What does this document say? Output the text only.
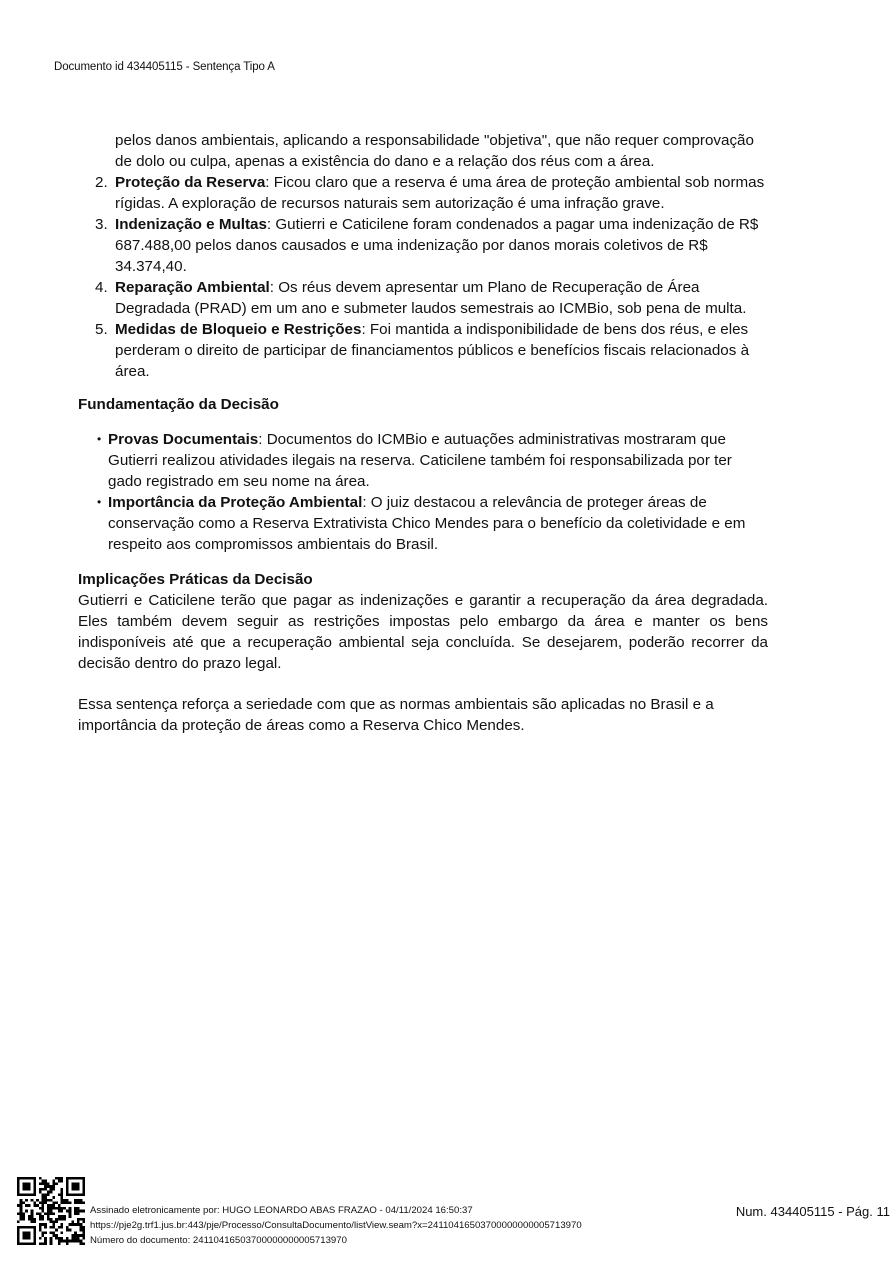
Documento id 434405115 - Sentença Tipo A
pelos danos ambientais, aplicando a responsabilidade "objetiva", que não requer comprovação de dolo ou culpa, apenas a existência do dano e a relação dos réus com a área.
2. Proteção da Reserva: Ficou claro que a reserva é uma área de proteção ambiental sob normas rígidas. A exploração de recursos naturais sem autorização é uma infração grave.
3. Indenização e Multas: Gutierri e Caticilene foram condenados a pagar uma indenização de R$ 687.488,00 pelos danos causados e uma indenização por danos morais coletivos de R$ 34.374,40.
4. Reparação Ambiental: Os réus devem apresentar um Plano de Recuperação de Área Degradada (PRAD) em um ano e submeter laudos semestrais ao ICMBio, sob pena de multa.
5. Medidas de Bloqueio e Restrições: Foi mantida a indisponibilidade de bens dos réus, e eles perderam o direito de participar de financiamentos públicos e benefícios fiscais relacionados à área.
Fundamentação da Decisão
• Provas Documentais: Documentos do ICMBio e autuações administrativas mostraram que Gutierri realizou atividades ilegais na reserva. Caticilene também foi responsabilizada por ter gado registrado em seu nome na área.
• Importância da Proteção Ambiental: O juiz destacou a relevância de proteger áreas de conservação como a Reserva Extrativista Chico Mendes para o benefício da coletividade e em respeito aos compromissos ambientais do Brasil.
Implicações Práticas da Decisão

Gutierri e Caticilene terão que pagar as indenizações e garantir a recuperação da área degradada. Eles também devem seguir as restrições impostas pelo embargo da área e manter os bens indisponíveis até que a recuperação ambiental seja concluída. Se desejarem, poderão recorrer da decisão dentro do prazo legal.

Essa sentença reforça a seriedade com que as normas ambientais são aplicadas no Brasil e a importância da proteção de áreas como a Reserva Chico Mendes.

Assinado eletronicamente por: HUGO LEONARDO ABAS FRAZAO - 04/11/2024 16:50:37
https://pje2g.trf1.jus.br:443/pje/Processo/ConsultaDocumento/listView.seam?x=24110416503700000000005713970
Número do documento: 24110416503700000000005713970
Num. 434405115 - Pág. 11
